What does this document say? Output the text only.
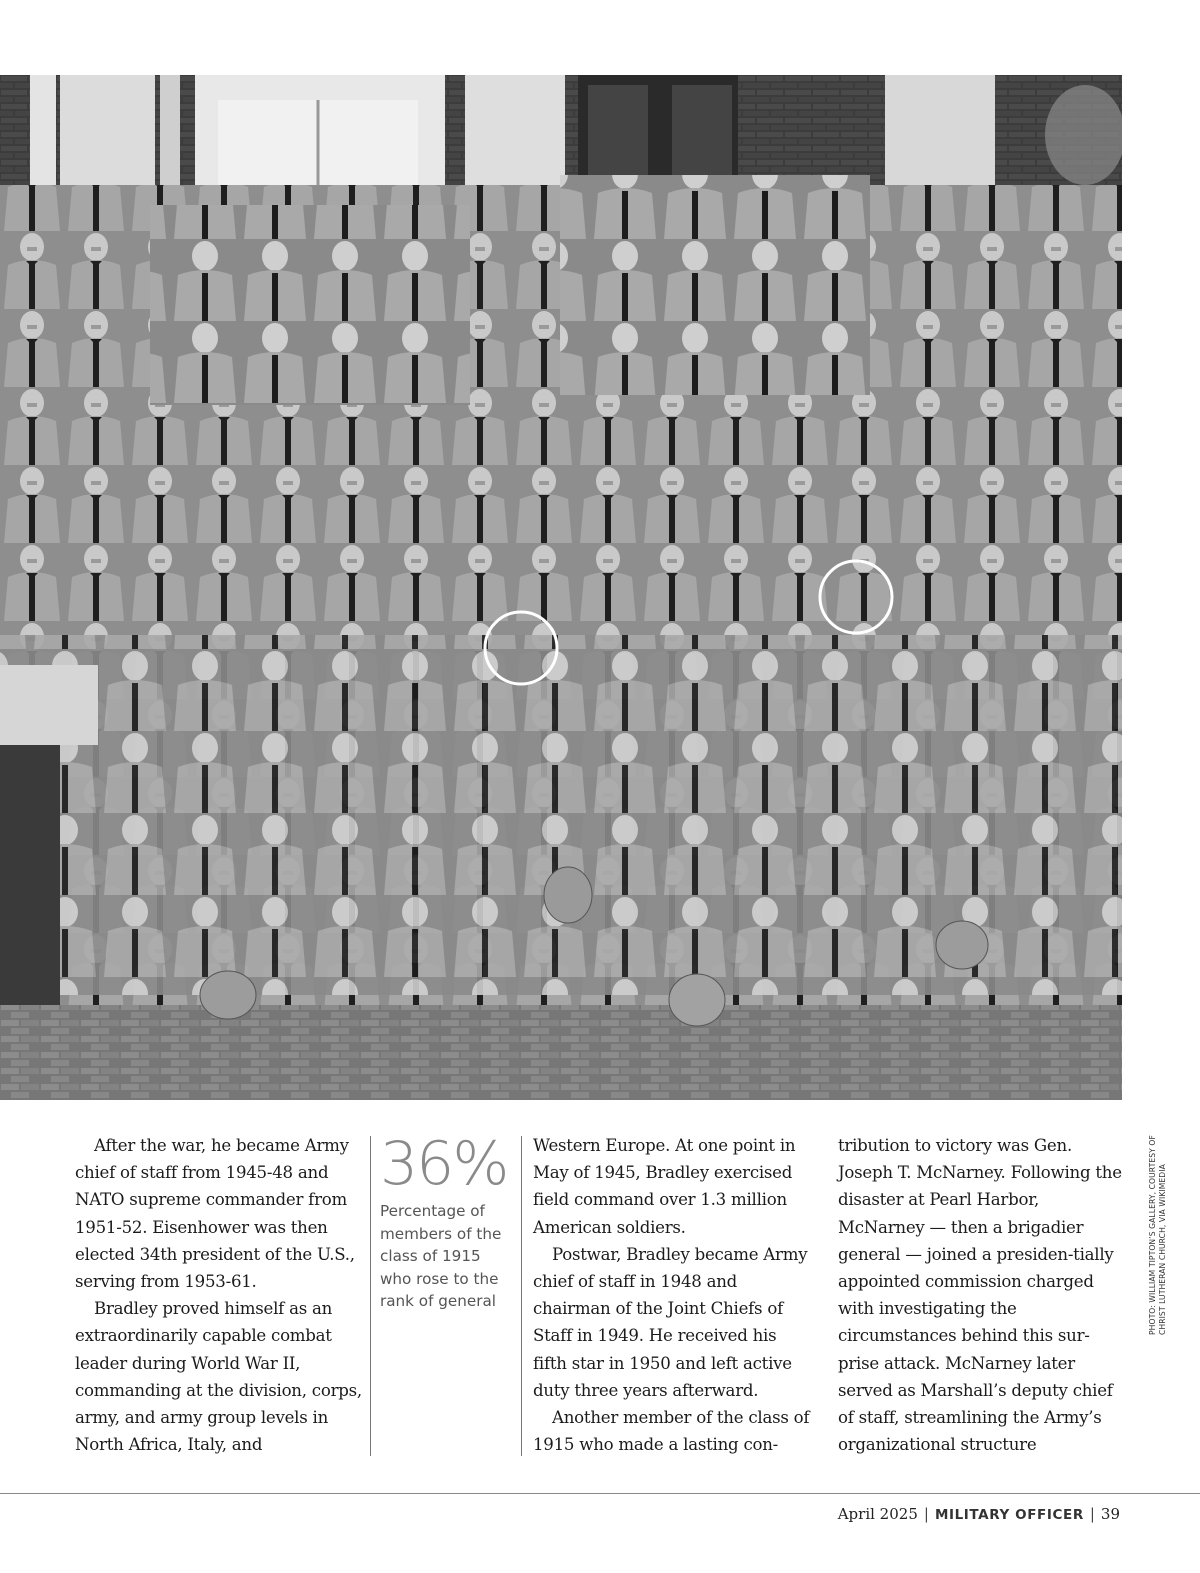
After the war, he became Army chief of staff from 1945-48 and NATO supreme commander from 1951-52. Eisenhower was then elected 34th president of the U.S., serving from 1953-61.

Bradley proved himself as an extraordinarily capable combat leader during World War II, commanding at the division, corps, army, and army group levels in North Africa, Italy, and

36%
Percentage of members of the class of 1915 who rose to the rank of general

Western Europe. At one point in May of 1945, Bradley exercised field command over 1.3 million American soldiers.

Postwar, Bradley became Army chief of staff in 1948 and chairman of the Joint Chiefs of Staff in 1949. He received his fifth star in 1950 and left active duty three years afterward.

Another member of the class of 1915 who made a lasting con-

tribution to victory was Gen. Joseph T. McNarney. Following the disaster at Pearl Harbor, McNarney — then a brigadier general — joined a presiden-tially appointed commission charged with investigating the circumstances behind this sur-prise attack. McNarney later served as Marshall’s deputy chief of staff, streamlining the Army’s organizational structure

PHOTO: WILLIAM TIPTON’S GALLERY, COURTESY OF CHRIST LUTHERAN CHURCH, VIA WIKIMEDIA
April 2025 | MILITARY OFFICER | 39
